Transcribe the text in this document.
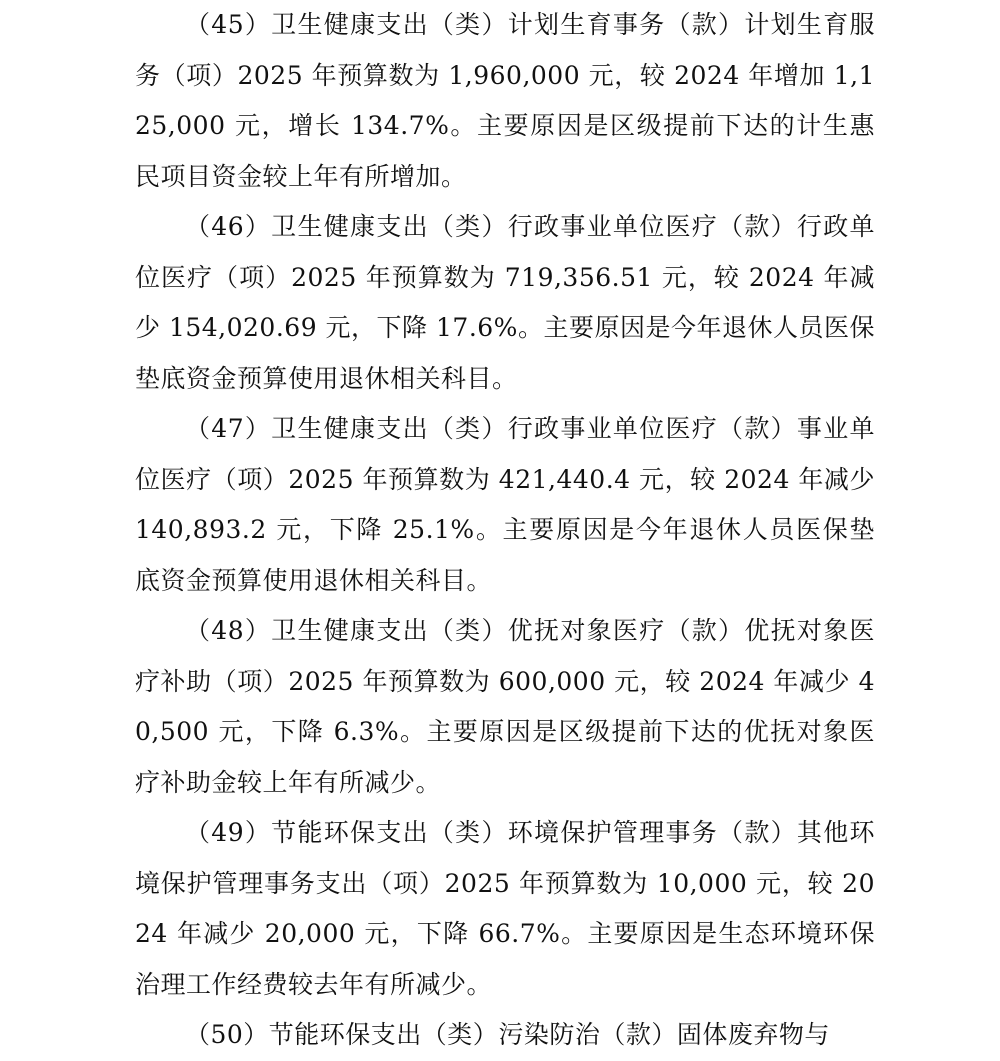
（45）卫生健康支出（类）计划生育事务（款）计划生育服务（项）2025 年预算数为 1,960,000 元，较 2024 年增加 1,125,000 元，增长 134.7%。主要原因是区级提前下达的计生惠民项目资金较上年有所增加。

（46）卫生健康支出（类）行政事业单位医疗（款）行政单位医疗（项）2025 年预算数为 719,356.51 元，较 2024 年减少 154,020.69 元，下降 17.6%。主要原因是今年退休人员医保垫底资金预算使用退休相关科目。

（47）卫生健康支出（类）行政事业单位医疗（款）事业单位医疗（项）2025 年预算数为 421,440.4 元，较 2024 年减少 140,893.2 元，下降 25.1%。主要原因是今年退休人员医保垫底资金预算使用退休相关科目。

（48）卫生健康支出（类）优抚对象医疗（款）优抚对象医疗补助（项）2025 年预算数为 600,000 元，较 2024 年减少 40,500 元，下降 6.3%。主要原因是区级提前下达的优抚对象医疗补助金较上年有所减少。

（49）节能环保支出（类）环境保护管理事务（款）其他环境保护管理事务支出（项）2025 年预算数为 10,000 元，较 2024 年减少 20,000 元，下降 66.7%。主要原因是生态环境环保治理工作经费较去年有所减少。

（50）节能环保支出（类）污染防治（款）固体废弃物与
